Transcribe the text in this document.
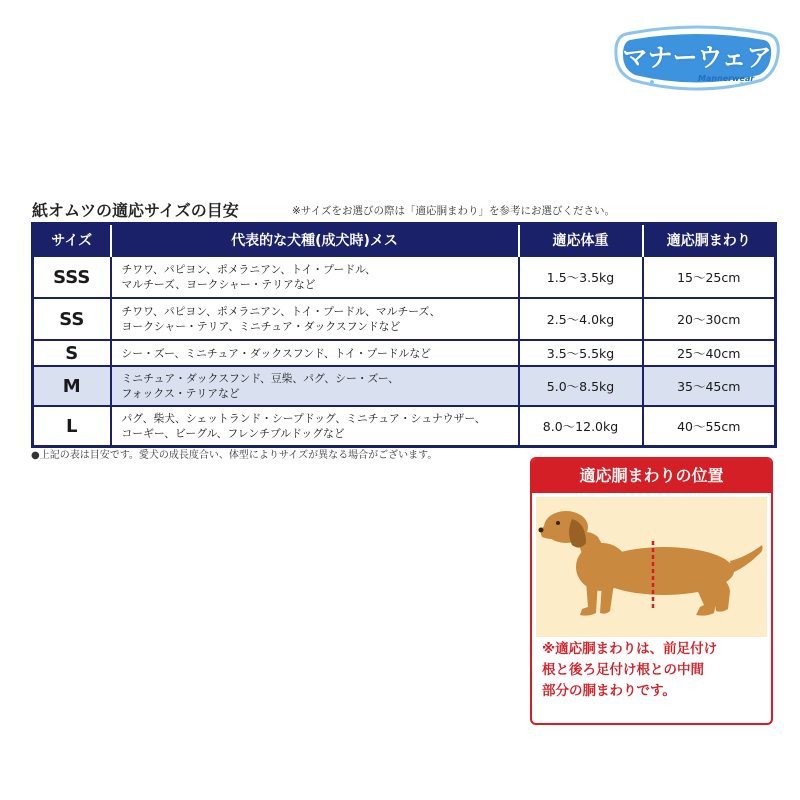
マナーウェア
Mannerwear
紙オムツの適応サイズの目安	※サイズをお選びの際は「適応胴まわり」を参考にお選びください。
サイズ	代表的な犬種(成犬時)メス	適応体重	適応胴まわり
SSS	チワワ、パピヨン、ポメラニアン、トイ・プードル、
マルチーズ、ヨークシャー・テリアなど	1.5〜3.5kg	15〜25cm
SS	チワワ、パピヨン、ポメラニアン、トイ・プードル、マルチーズ、
ヨークシャー・テリア、ミニチュア・ダックスフンドなど	2.5〜4.0kg	20〜30cm
S	シー・ズー、ミニチュア・ダックスフンド、トイ・プードルなど	3.5〜5.5kg	25〜40cm
M	ミニチュア・ダックスフンド、豆柴、パグ、シー・ズー、
フォックス・テリアなど	5.0〜8.5kg	35〜45cm
L	パグ、柴犬、シェットランド・シープドッグ、ミニチュア・シュナウザー、
コーギー、ビーグル、フレンチブルドッグなど	8.0〜12.0kg	40〜55cm
●上記の表は目安です。愛犬の成長度合い、体型によりサイズが異なる場合がございます。
適応胴まわりの位置
※適応胴まわりは、前足付け
根と後ろ足付け根との中間
部分の胴まわりです。
